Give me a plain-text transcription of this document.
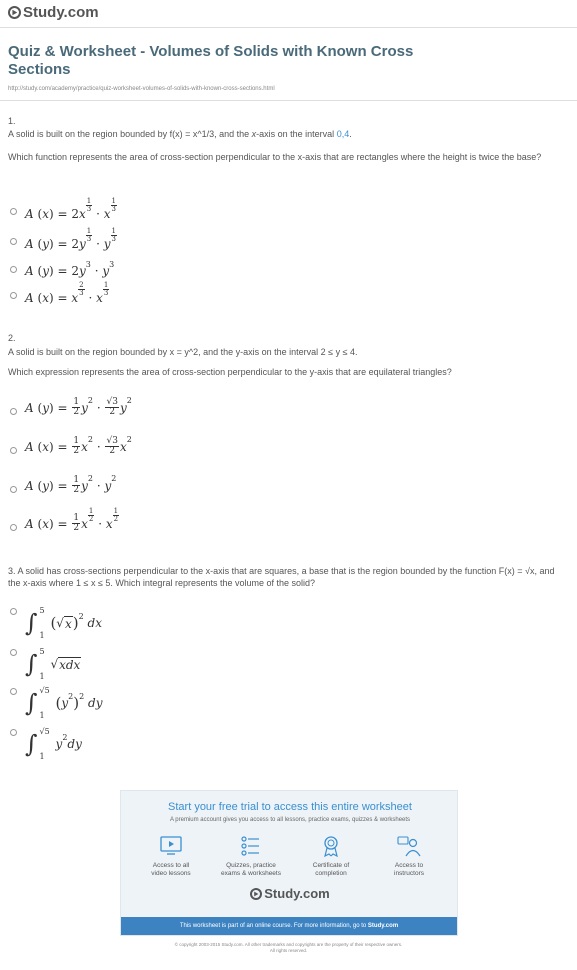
Study.com
Quiz & Worksheet - Volumes of Solids with Known Cross Sections
http://study.com/academy/practice/quiz-worksheet-volumes-of-solids-with-known-cross-sections.html
1.
A solid is built on the region bounded by f(x) = x^1/3, and the x-axis on the interval 0,4.
Which function represents the area of cross-section perpendicular to the x-axis that are rectangles where the height is twice the base?
A
( x )
=
2 x
1
3
·
x
1
3
A
( y )
=
2 y
1
3
·
y
1
3
A
( y )
=
2 y 3
·
y 3
A
( x )
=
x
2
3
·
x
1
3
2.
A solid is built on the region bounded by x = y^2, and the y-axis on the interval 2 ≤ y ≤ 4.
Which expression represents the area of cross-section perpendicular to the y-axis that are equilateral triangles?
A
( y )
=
$\frac{1}{2}$ y 2
·
$\frac{√3}{2}$ y 2
A
( x )
=
$\frac{1}{2}$ x 2
·
$\frac{√3}{2}$ x 2
A
( y )
=
$\frac{1}{2}$ y 2
·
y 2
A
( x )
=
$\frac{1}{2}$ x
1
2
·
x
1
2
3. A solid has cross-sections perpendicular to the x-axis that are squares, a base that is the region bounded by the function F(x) = √x, and the x-axis where 1 ≤ x ≤ 5. Which integral represents the volume of the solid?
∫ 5
1

( √ x ) 2
dx
∫ 5
1

√ xdx
∫ √5
1

( y 2 ) 2
dy
∫ √5
1

y 2 dy
Start your free trial to access this entire worksheet
A premium account gives you access to all lessons, practice exams, quizzes & worksheets
Access to all
video lessons
Quizzes, practice
exams & worksheets
Certificate of
completion
Access to
instructors
Study.com
This worksheet is part of an online course. For more information, go to Study.com
© copyright 2003-2015 Study.com. All other trademarks and copyrights are the property of their respective owners.
All rights reserved.
